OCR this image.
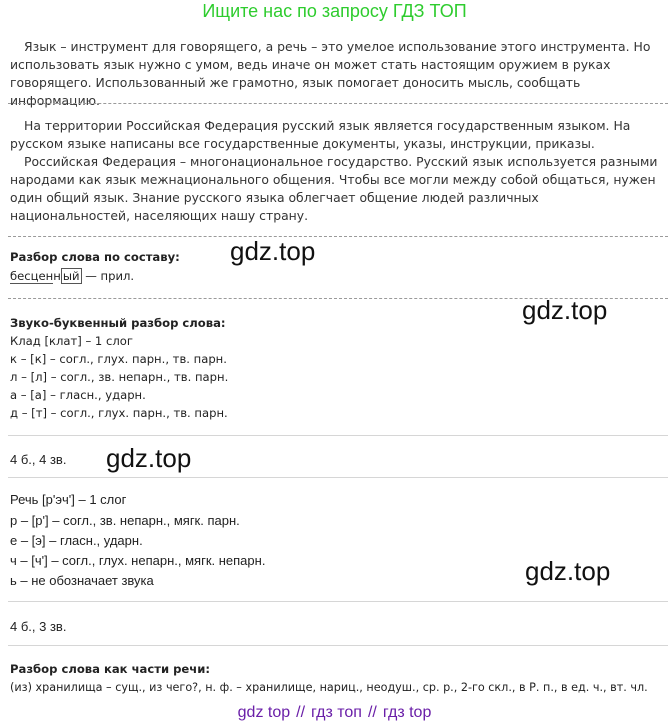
Ищите нас по запросу ГДЗ ТОП

Язык – инструмент для говорящего, а речь – это умелое использование этого инструмента. Но использовать язык нужно с умом, ведь иначе он может стать настоящим оружием в руках говорящего. Использованный же грамотно, язык помогает доносить мысль, сообщать информацию.

На территории Российская Федерация русский язык является государственным языком. На русском языке написаны все государственные документы, указы, инструкции, приказы.

Российская Федерация – многонациональное государство. Русский язык используется разными народами как язык межнационального общения. Чтобы все могли между собой общаться, нужен один общий язык. Знание русского языка облегчает общение людей различных национальностей, населяющих нашу страну.

Разбор слова по составу:
бесценн ый — прил.
Звуко-буквенный разбор слова:
Клад [клат] – 1 слог
к – [к] – согл., глух. парн., тв. парн.
л – [л] – согл., зв. непарн., тв. парн.
а – [а] – гласн., ударн.
д – [т] – согл., глух. парн., тв. парн.
4 б., 4 зв.
Речь [р'эч'] – 1 слог
р – [р'] – согл., зв. непарн., мягк. парн.
е – [э] – гласн., ударн.
ч – [ч'] – согл., глух. непарн., мягк. непарн.
ь – не обозначает звука
4 б., 3 зв.
Разбор слова как части речи:
(из) хранилища – сущ., из чего?, н. ф. – хранилище, нариц., неодуш., ср. р., 2-го скл., в Р. п., в ед. ч., вт. чл.
gdz.top
gdz.top
gdz.top
gdz.top
gdz top // гдз топ // гдз top
